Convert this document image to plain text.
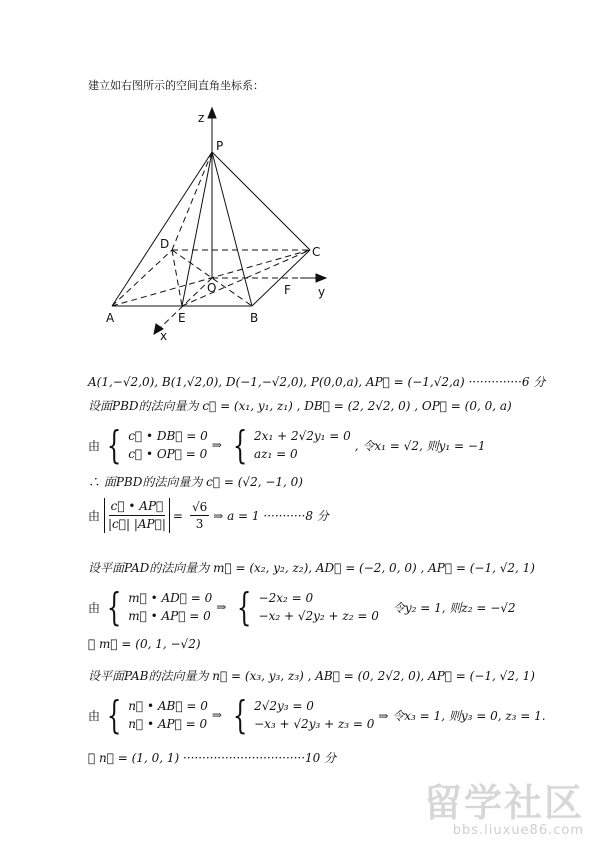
建立如右图所示的空间直角坐标系：
z
P
D
C
O	F y
A	E	B
x
A(1,−√2,0), B(1,√2,0), D(−1,−√2,0), P(0,0,a), AP⃗ = (−1,√2,a) ··············6 分
设面PBD的法向量为 c⃗ = (x₁, y₁, z₁) , DB⃗ = (2, 2√2, 0) , OP⃗ = (0, 0, a)
由 { c⃗ • DB⃗ = 0
c⃗ • OP⃗ = 0
⇒ { 2x₁ + 2√2y₁ = 0
az₁ = 0
, 令x₁ = √2, 则y₁ = −1
∴ 面PBD的法向量为 c⃗ = (√2, −1, 0)
由 $\frac{c⃗ • AP⃗}{|c⃗| |AP⃗|} = \frac{√6}{3}$ ⇒ a = 1 ···········8 分
设平面PAD的法向量为 m⃗ = (x₂, y₂, z₂), AD⃗ = (−2, 0, 0) , AP⃗ = (−1, √2, 1)
由 { m⃗ • AD⃗ = 0
m⃗ • AP⃗ = 0
⇒ { −2x₂ = 0
−x₂ + √2y₂ + z₂ = 0
令y₂ = 1, 则z₂ = −√2
∴ m⃗ = (0, 1, −√2)
设平面PAB的法向量为 n⃗ = (x₃, y₃, z₃) , AB⃗ = (0, 2√2, 0), AP⃗ = (−1, √2, 1)
由 { n⃗ • AB⃗ = 0
n⃗ • AP⃗ = 0
⇒ { 2√2y₃ = 0
−x₃ + √2y₃ + z₃ = 0
⇒ 令x₃ = 1, 则y₃ = 0, z₃ = 1.
∴ n⃗ = (1, 0, 1) ································10 分
留学社区
bbs.liuxue86.com
